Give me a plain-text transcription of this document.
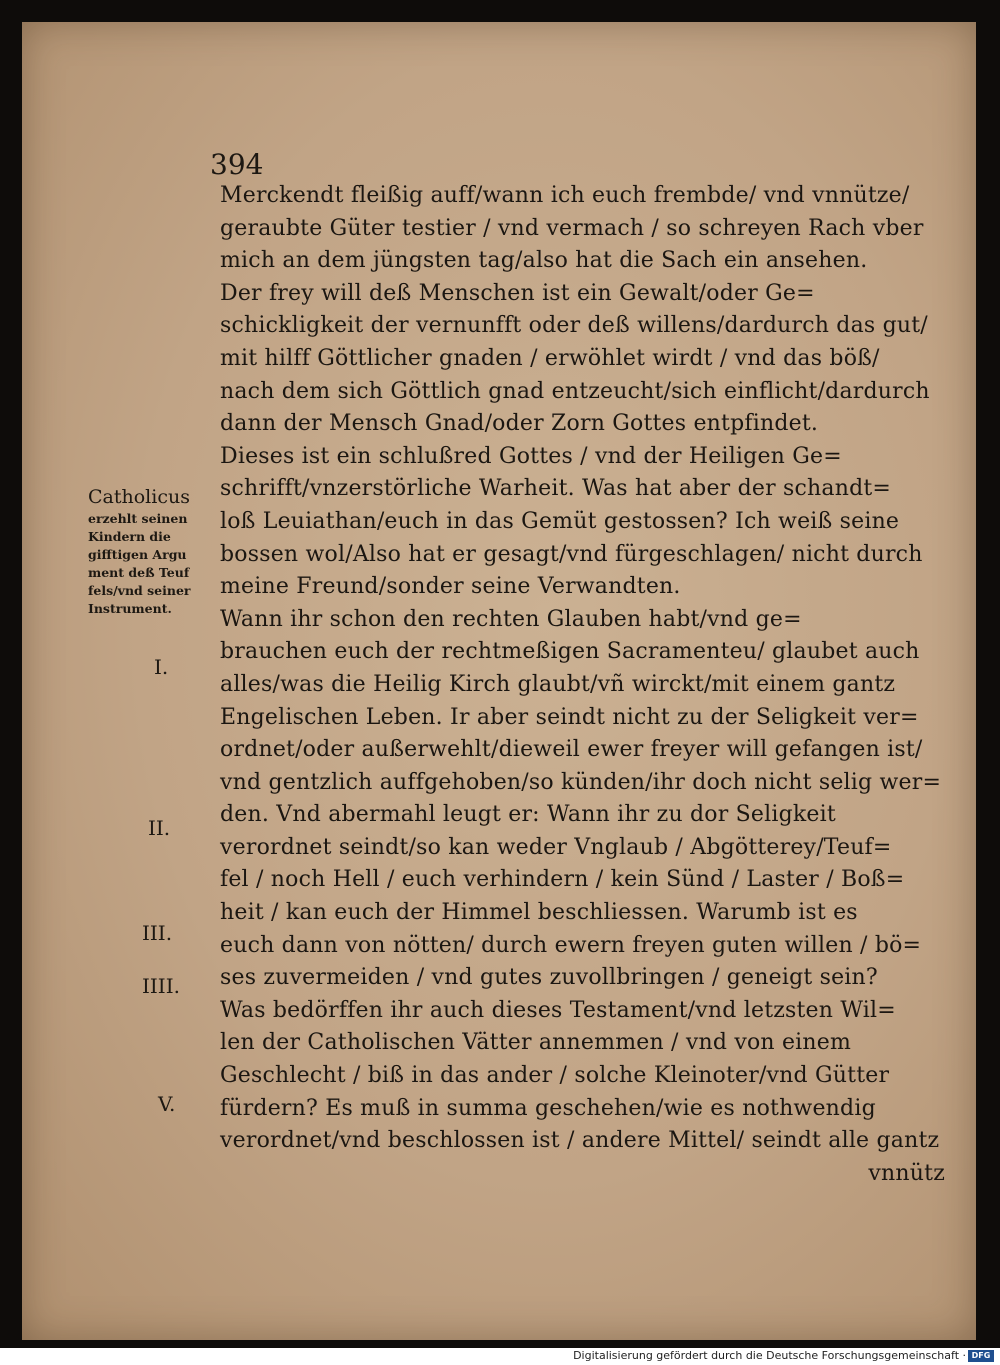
394
Merckendt fleißig auff/wann ich euch frembde/ vnd vnnütze/
geraubte Güter testier / vnd vermach / so schreyen Rach vber
mich an dem jüngsten tag/also hat die Sach ein ansehen.
Der frey will deß Menschen ist ein Gewalt/oder Ge=
schickligkeit der vernunfft oder deß willens/dardurch das gut/
mit hilff Göttlicher gnaden / erwöhlet wirdt / vnd das böß/
nach dem sich Göttlich gnad entzeucht/sich einflicht/dardurch
dann der Mensch Gnad/oder Zorn Gottes entpfindet.
Dieses ist ein schlußred Gottes / vnd der Heiligen Ge=
schrifft/vnzerstörliche Warheit. Was hat aber der schandt=
loß Leuiathan/euch in das Gemüt gestossen? Ich weiß seine
bossen wol/Also hat er gesagt/vnd fürgeschlagen/ nicht durch
meine Freund/sonder seine Verwandten.
Wann ihr schon den rechten Glauben habt/vnd ge=
brauchen euch der rechtmeßigen Sacramenteu/ glaubet auch
alles/was die Heilig Kirch glaubt/vñ wirckt/mit einem gantz
Engelischen Leben. Ir aber seindt nicht zu der Seligkeit ver=
ordnet/oder außerwehlt/dieweil ewer freyer will gefangen ist/
vnd gentzlich auffgehoben/so künden/ihr doch nicht selig wer=
den. Vnd abermahl leugt er: Wann ihr zu dor Seligkeit
verordnet seindt/so kan weder Vnglaub / Abgötterey/Teuf=
fel / noch Hell / euch verhindern / kein Sünd / Laster / Boß=
heit / kan euch der Himmel beschliessen. Warumb ist es
euch dann von nötten/ durch ewern freyen guten willen / bö=
ses zuvermeiden / vnd gutes zuvollbringen / geneigt sein?
Was bedörffen ihr auch dieses Testament/vnd letzsten Wil=
len der Catholischen Vätter annemmen / vnd von einem
Geschlecht / biß in das ander / solche Kleinoter/vnd Gütter
fürdern? Es muß in summa geschehen/wie es nothwendig
verordnet/vnd beschlossen ist / andere Mittel/ seindt alle gantz
vnnütz
Catholicus
erzehlt seinen
Kindern die
gifftigen Argu
ment deß Teuf
fels/vnd seiner
Instrument.
I.
II.
III.
IIII.
V.
Digitalisierung gefördert durch die Deutsche Forschungsgemeinschaft · DFG
